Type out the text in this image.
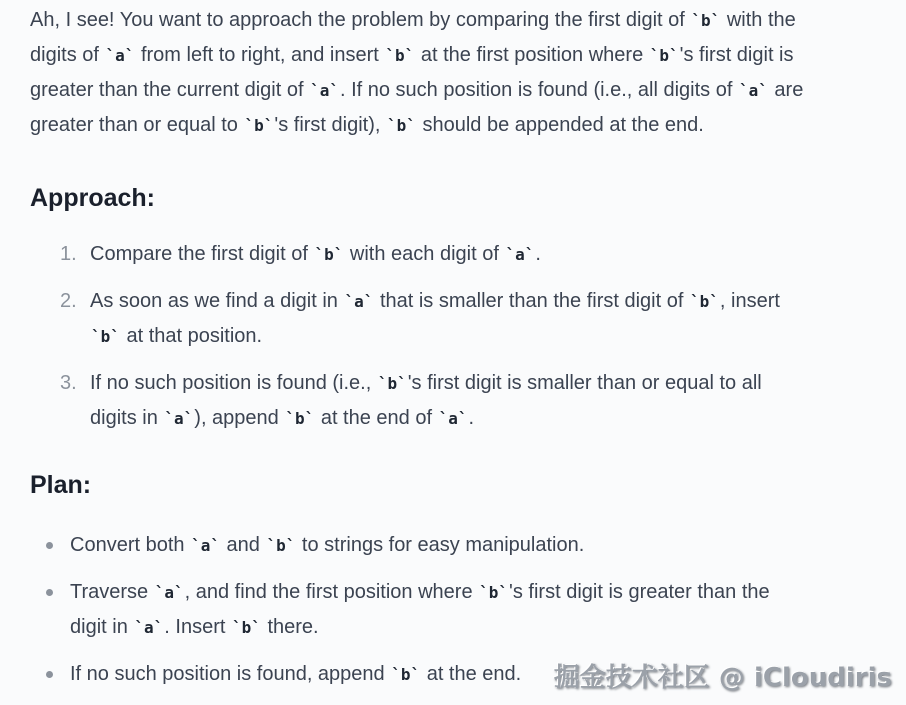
Ah, I see! You want to approach the problem by comparing the first digit of `b` with the digits of `a` from left to right, and insert `b` at the first position where `b`'s first digit is greater than the current digit of `a`. If no such position is found (i.e., all digits of `a` are greater than or equal to `b`'s first digit), `b` should be appended at the end.

Approach:
Compare the first digit of `b` with each digit of `a`.
As soon as we find a digit in `a` that is smaller than the first digit of `b`, insert `b` at that position.
If no such position is found (i.e., `b`'s first digit is smaller than or equal to all digits in `a`), append `b` at the end of `a`.
Plan:
Convert both `a` and `b` to strings for easy manipulation.
Traverse `a`, and find the first position where `b`'s first digit is greater than the digit in `a`. Insert `b` there.
If no such position is found, append `b` at the end.	掘金技术社区 @ iCloudiris
